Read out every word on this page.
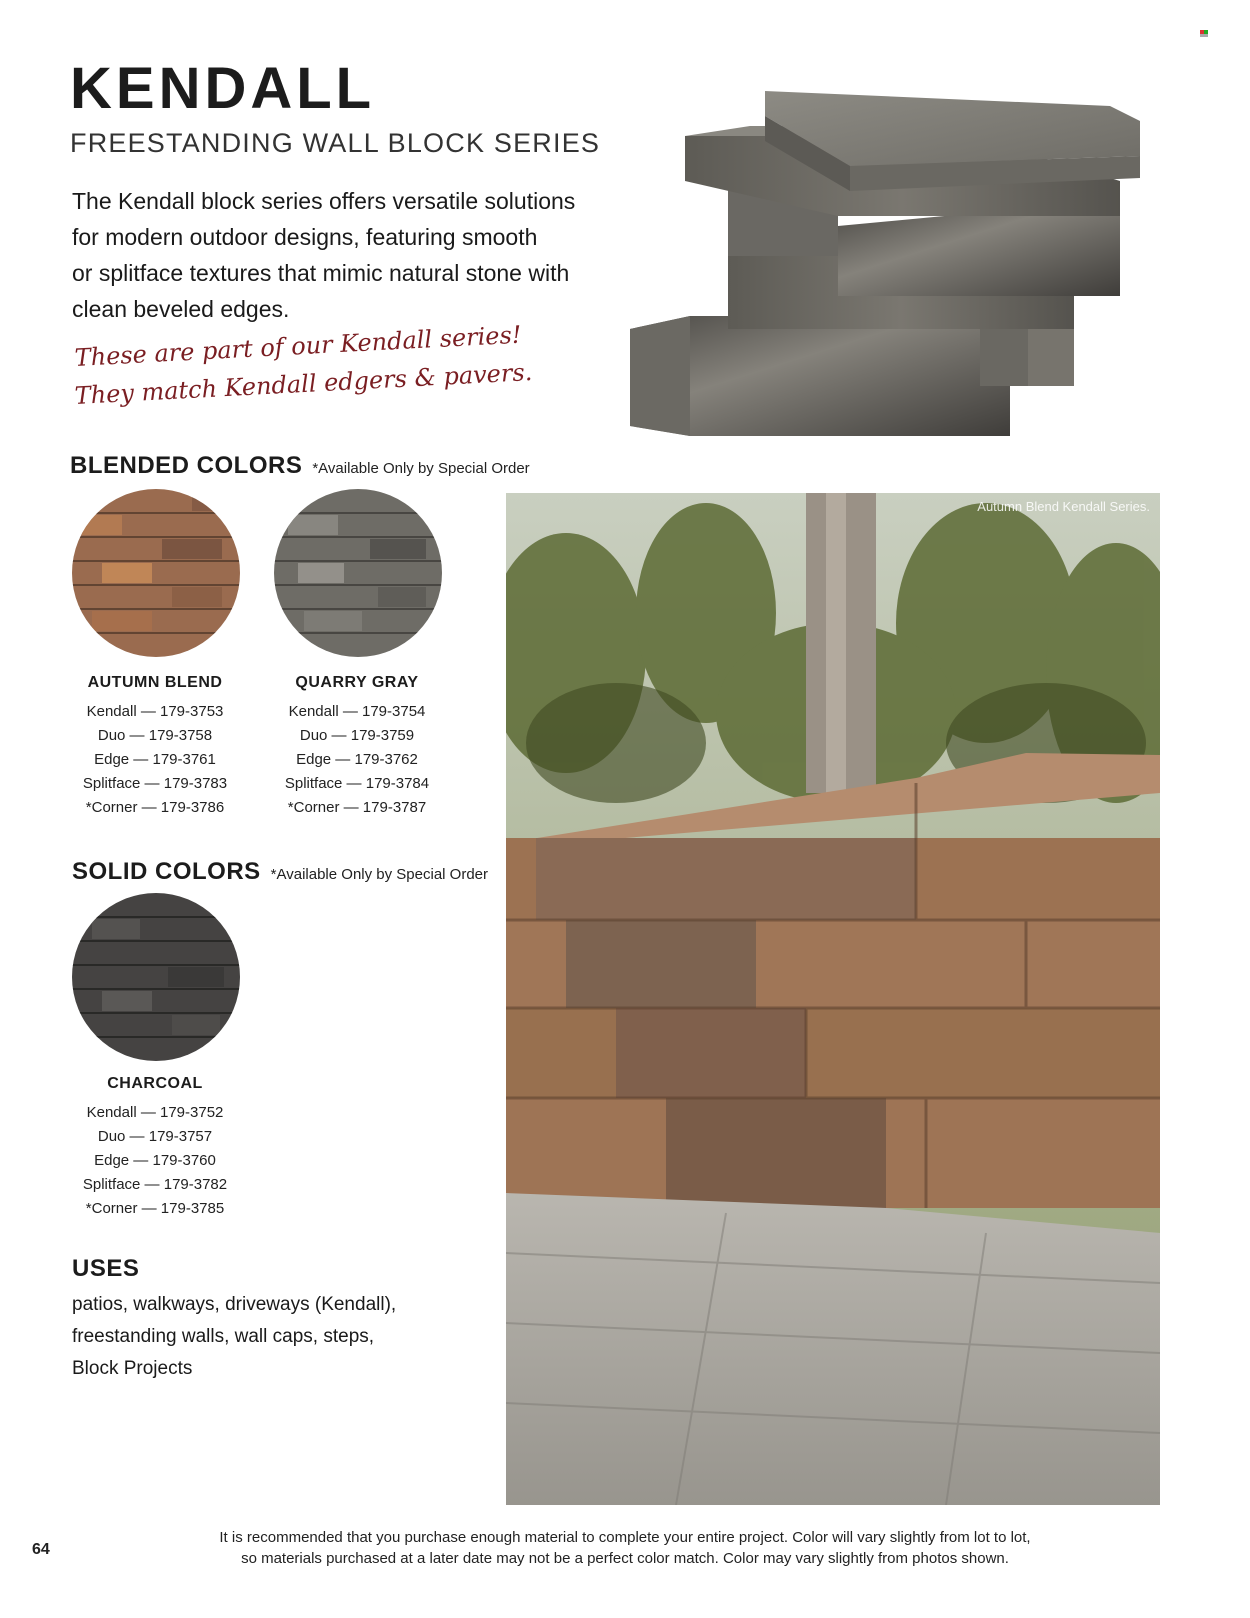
KENDALL
FREESTANDING WALL BLOCK SERIES
The Kendall block series offers versatile solutions
for modern outdoor designs, featuring smooth
or splitface textures that mimic natural stone with
clean beveled edges.
These are part of our Kendall series!
They match Kendall edgers & pavers.
BLENDED COLORS *Available Only by Special Order
AUTUMN BLEND
Kendall — 179-3753
Duo — 179-3758
Edge — 179-3761
Splitface — 179-3783
*Corner — 179-3786
QUARRY GRAY
Kendall — 179-3754
Duo — 179-3759
Edge — 179-3762
Splitface — 179-3784
*Corner — 179-3787
SOLID COLORS *Available Only by Special Order
CHARCOAL
Kendall — 179-3752
Duo — 179-3757
Edge — 179-3760
Splitface — 179-3782
*Corner — 179-3785
USES
patios, walkways, driveways (Kendall),
freestanding walls, wall caps, steps,
Block Projects
Autumn Blend Kendall Series.
64
It is recommended that you purchase enough material to complete your entire project. Color will vary slightly from lot to lot,
so materials purchased at a later date may not be a perfect color match. Color may vary slightly from photos shown.
